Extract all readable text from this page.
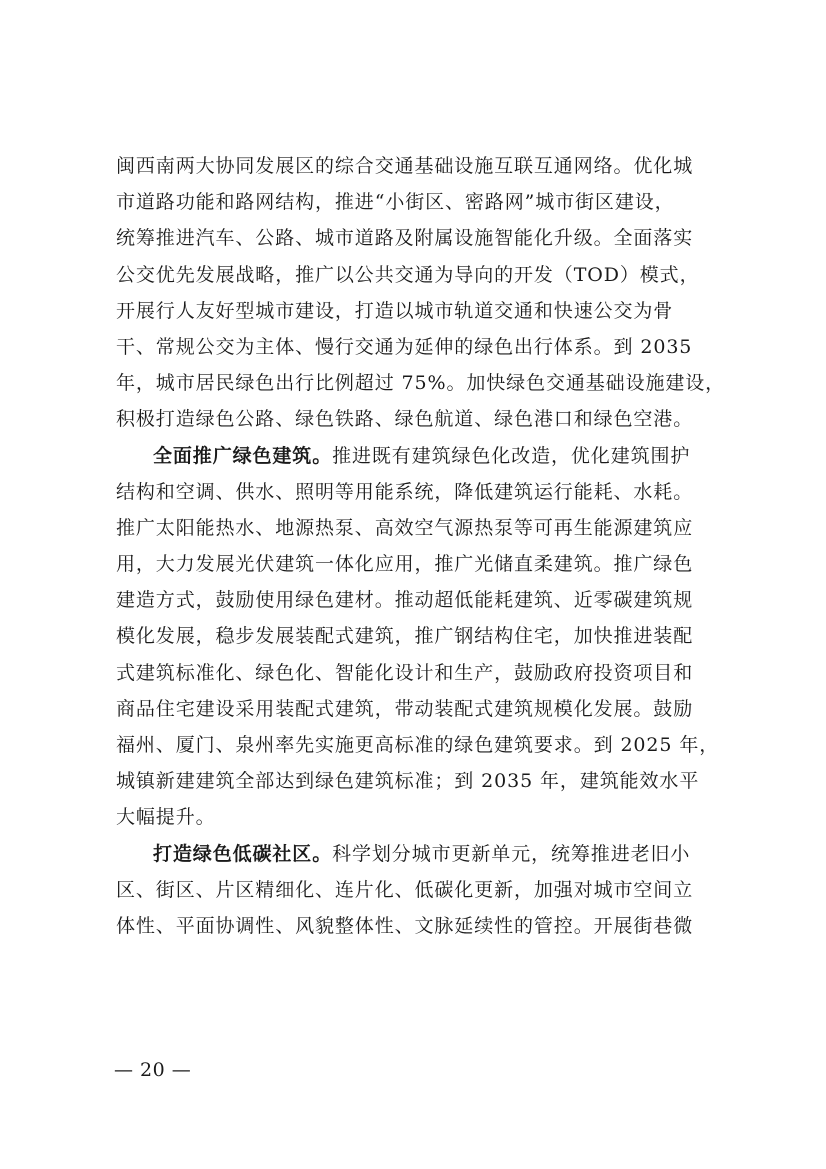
闽西南两大协同发展区的综合交通基础设施互联互通网络。优化城
市道路功能和路网结构，推进“小街区、密路网”城市街区建设，
统筹推进汽车、公路、城市道路及附属设施智能化升级。全面落实
公交优先发展战略，推广以公共交通为导向的开发（TOD）模式，
开展行人友好型城市建设，打造以城市轨道交通和快速公交为骨
干、常规公交为主体、慢行交通为延伸的绿色出行体系。到 2035
年，城市居民绿色出行比例超过 75%。加快绿色交通基础设施建设，
积极打造绿色公路、绿色铁路、绿色航道、绿色港口和绿色空港。
全面推广绿色建筑。推进既有建筑绿色化改造，优化建筑围护
结构和空调、供水、照明等用能系统，降低建筑运行能耗、水耗。
推广太阳能热水、地源热泵、高效空气源热泵等可再生能源建筑应
用，大力发展光伏建筑一体化应用，推广光储直柔建筑。推广绿色
建造方式，鼓励使用绿色建材。推动超低能耗建筑、近零碳建筑规
模化发展，稳步发展装配式建筑，推广钢结构住宅，加快推进装配
式建筑标准化、绿色化、智能化设计和生产，鼓励政府投资项目和
商品住宅建设采用装配式建筑，带动装配式建筑规模化发展。鼓励
福州、厦门、泉州率先实施更高标准的绿色建筑要求。到 2025 年，
城镇新建建筑全部达到绿色建筑标准；到 2035 年，建筑能效水平
大幅提升。
打造绿色低碳社区。科学划分城市更新单元，统筹推进老旧小
区、街区、片区精细化、连片化、低碳化更新，加强对城市空间立
体性、平面协调性、风貌整体性、文脉延续性的管控。开展街巷微
— 20 —
